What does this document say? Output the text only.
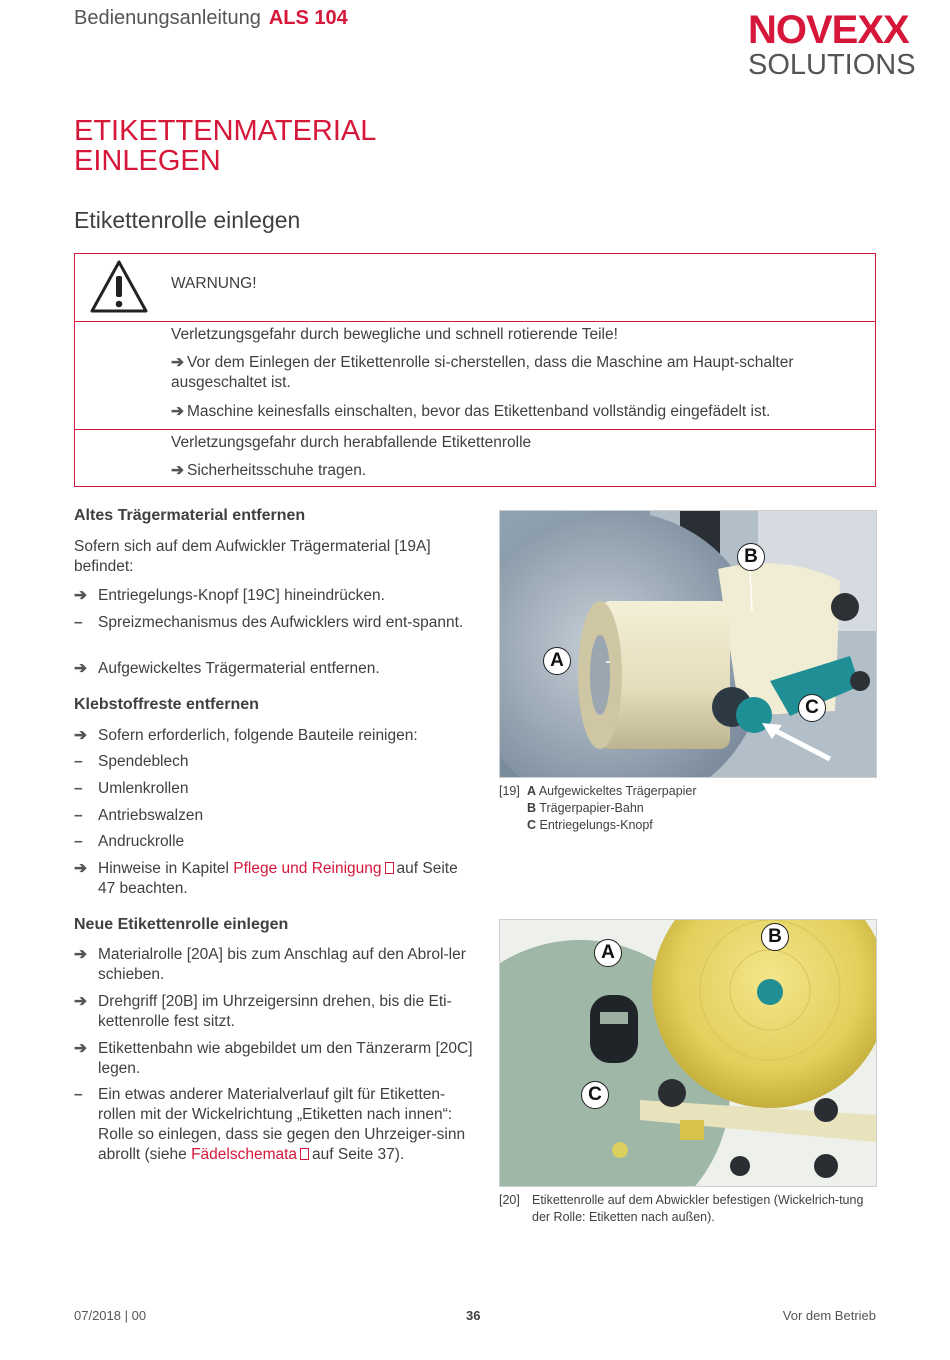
Bedienungsanleitung ALS 104	NOVEXX
SOLUTIONS
ETIKETTENMATERIAL
EINLEGEN
Etikettenrolle einlegen
WARNUNG!
Verletzungsgefahr durch bewegliche und schnell rotierende Teile!
➔ Vor dem Einlegen der Etikettenrolle si-cherstellen, dass die Maschine am Haupt-schalter ausgeschaltet ist.
➔ Maschine keinesfalls einschalten, bevor das Etikettenband vollständig eingefädelt ist.
Verletzungsgefahr durch herabfallende Etikettenrolle
➔ Sicherheitsschuhe tragen.
Altes Trägermaterial entfernen
Sofern sich auf dem Aufwickler Trägermaterial [19A] befindet:
➔ Entriegelungs-Knopf [19C] hineindrücken.
– Spreizmechanismus des Aufwicklers wird ent-spannt.
➔ Aufgewickeltes Trägermaterial entfernen.
Klebstoffreste entfernen
➔ Sofern erforderlich, folgende Bauteile reinigen:
– Spendeblech
– Umlenkrollen
– Antriebswalzen
– Andruckrolle
➔ Hinweise in Kapitel Pflege und Reinigung auf Seite 47 beachten.
Neue Etikettenrolle einlegen
➔ Materialrolle [20A] bis zum Anschlag auf den Abrol-ler schieben.
➔ Drehgriff [20B] im Uhrzeigersinn drehen, bis die Eti-kettenrolle fest sitzt.
➔ Etikettenbahn wie abgebildet um den Tänzerarm [20C] legen.
– Ein etwas anderer Materialverlauf gilt für Etiketten-rollen mit der Wickelrichtung „Etiketten nach innen“: Rolle so einlegen, dass sie gegen den Uhrzeiger-sinn abrollt (siehe Fädelschemata auf Seite 37).
A
B
C
[19] A Aufgewickeltes Trägerpapier
B Trägerpapier-Bahn
C Entriegelungs-Knopf
A
B
C
[20] Etikettenrolle auf dem Abwickler befestigen (Wickelrich-tung der Rolle: Etiketten nach außen).
07/2018 | 00	36	Vor dem Betrieb
